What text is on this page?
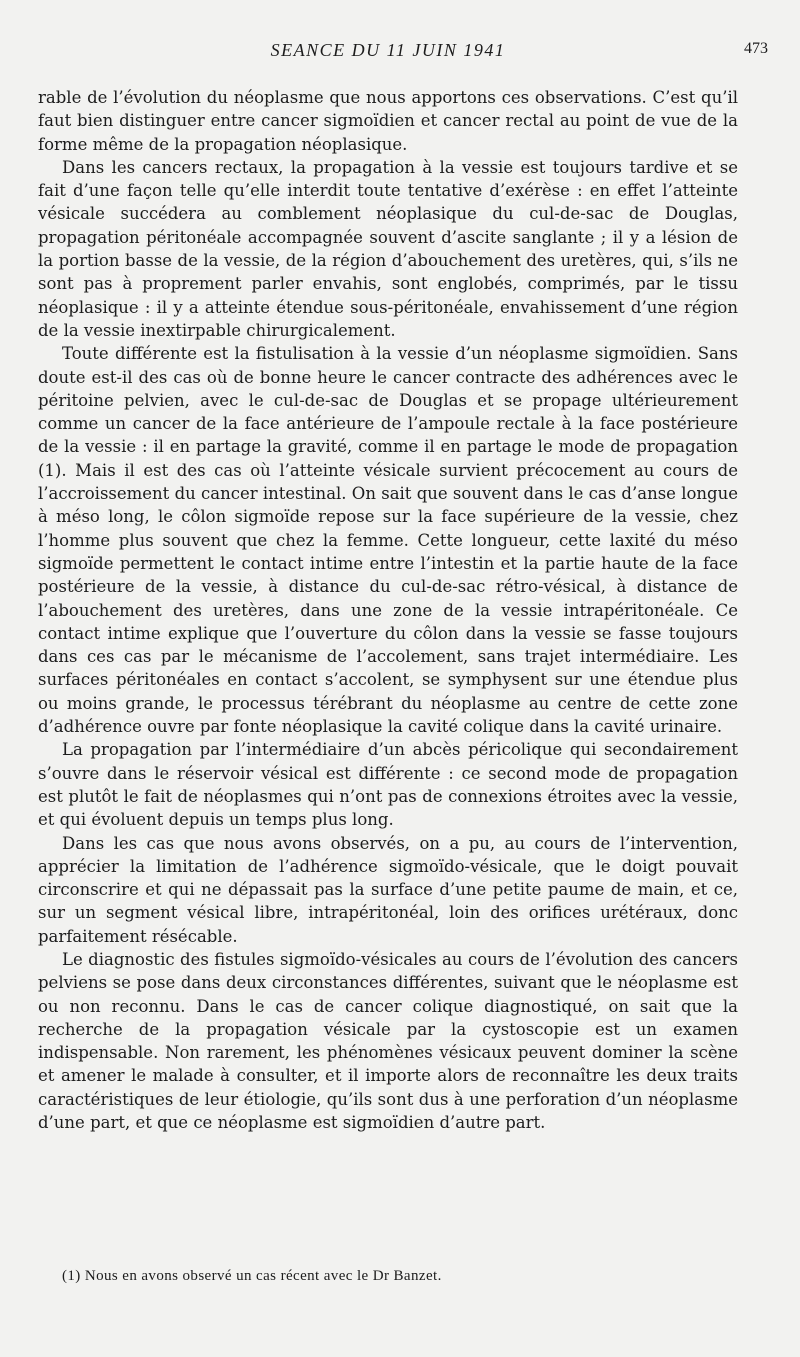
SEANCE DU 11 JUIN 1941	473

rable de l’évolution du néoplasme que nous apportons ces observations. C’est qu’il faut bien distinguer entre cancer sigmoïdien et cancer rectal au point de vue de la forme même de la propagation néoplasique.

Dans les cancers rectaux, la propagation à la vessie est toujours tardive et se fait d’une façon telle qu’elle interdit toute tentative d’exérèse : en effet l’atteinte vésicale succédera au comblement néoplasique du cul-de-sac de Douglas, propagation péritonéale accompagnée souvent d’ascite sanglante ; il y a lésion de la portion basse de la vessie, de la région d’abouchement des uretères, qui, s’ils ne sont pas à proprement parler envahis, sont englobés, comprimés, par le tissu néoplasique : il y a atteinte étendue sous-péritonéale, envahissement d’une région de la vessie inextirpable chirurgicalement.

Toute différente est la fistulisation à la vessie d’un néoplasme sigmoïdien. Sans doute est-il des cas où de bonne heure le cancer contracte des adhérences avec le péritoine pelvien, avec le cul-de-sac de Douglas et se propage ultérieurement comme un cancer de la face antérieure de l’ampoule rectale à la face postérieure de la vessie : il en partage la gravité, comme il en partage le mode de propagation (1). Mais il est des cas où l’atteinte vésicale survient précocement au cours de l’accroissement du cancer intestinal. On sait que souvent dans le cas d’anse longue à méso long, le côlon sigmoïde repose sur la face supérieure de la vessie, chez l’homme plus souvent que chez la femme. Cette longueur, cette laxité du méso sigmoïde permettent le contact intime entre l’intestin et la partie haute de la face postérieure de la vessie, à distance du cul-de-sac rétro-vésical, à distance de l’abouchement des uretères, dans une zone de la vessie intrapéritonéale. Ce contact intime explique que l’ouverture du côlon dans la vessie se fasse toujours dans ces cas par le mécanisme de l’accolement, sans trajet intermédiaire. Les surfaces péritonéales en contact s’accolent, se symphysent sur une étendue plus ou moins grande, le processus térébrant du néoplasme au centre de cette zone d’adhérence ouvre par fonte néoplasique la cavité colique dans la cavité urinaire.

La propagation par l’intermédiaire d’un abcès péricolique qui secondairement s’ouvre dans le réservoir vésical est différente : ce second mode de propagation est plutôt le fait de néoplasmes qui n’ont pas de connexions étroites avec la vessie, et qui évoluent depuis un temps plus long.

Dans les cas que nous avons observés, on a pu, au cours de l’intervention, apprécier la limitation de l’adhérence sigmoïdo-vésicale, que le doigt pouvait circonscrire et qui ne dépassait pas la surface d’une petite paume de main, et ce, sur un segment vésical libre, intrapéritonéal, loin des orifices urétéraux, donc parfaitement résécable.

Le diagnostic des fistules sigmoïdo-vésicales au cours de l’évolution des cancers pelviens se pose dans deux circonstances différentes, suivant que le néoplasme est ou non reconnu. Dans le cas de cancer colique diagnostiqué, on sait que la recherche de la propagation vésicale par la cystoscopie est un examen indispensable. Non rarement, les phénomènes vésicaux peuvent dominer la scène et amener le malade à consulter, et il importe alors de reconnaître les deux traits caractéristiques de leur étiologie, qu’ils sont dus à une perforation d’un néoplasme d’une part, et que ce néoplasme est sigmoïdien d’autre part.

(1) Nous en avons observé un cas récent avec le Dr Banzet.
